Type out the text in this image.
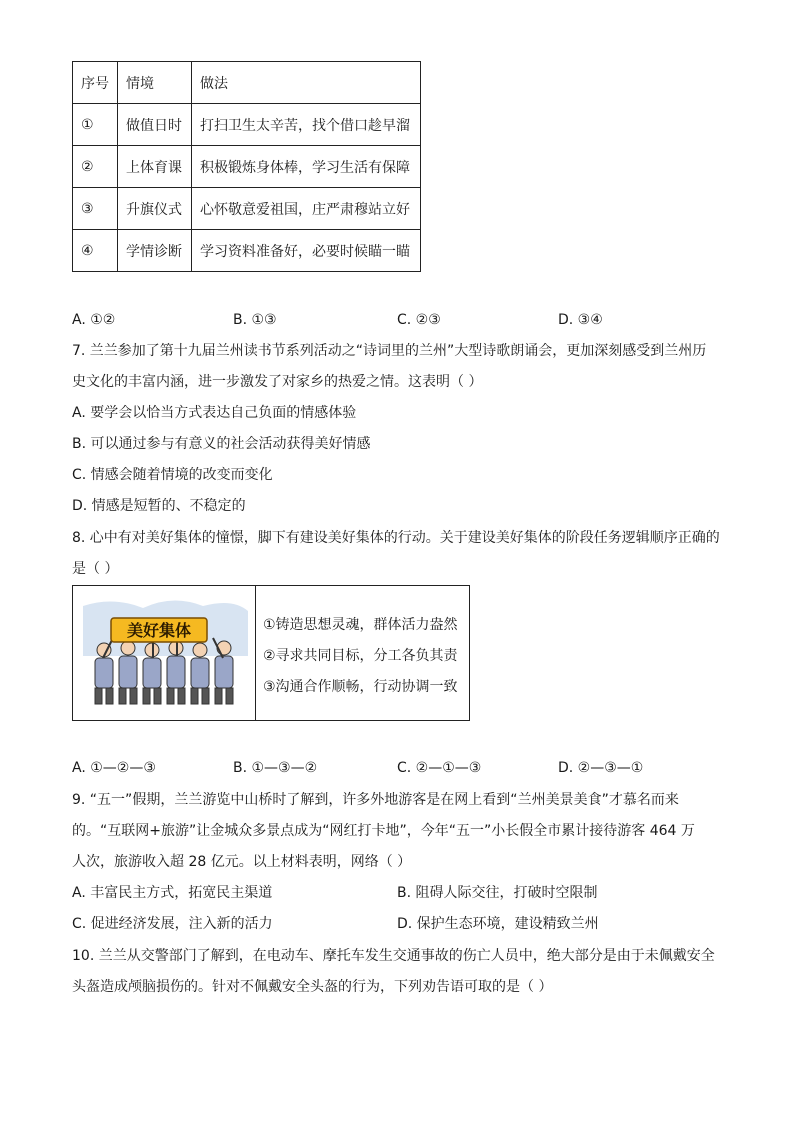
序号	情境	做法
①	做值日时	打扫卫生太辛苦，找个借口趁早溜
②	上体育课	积极锻炼身体棒，学习生活有保障
③	升旗仪式	心怀敬意爱祖国，庄严肃穆站立好
④	学情诊断	学习资料准备好，必要时候瞄一瞄
A. ①②	B. ①③	C. ②③	D. ③④
7. 兰兰参加了第十九届兰州读书节系列活动之“诗词里的兰州”大型诗歌朗诵会，更加深刻感受到兰州历
史文化的丰富内涵，进一步激发了对家乡的热爱之情。这表明（ ）
A. 要学会以恰当方式表达自己负面的情感体验
B. 可以通过参与有意义的社会活动获得美好情感
C. 情感会随着情境的改变而变化
D. 情感是短暂的、不稳定的
8. 心中有对美好集体的憧憬，脚下有建设美好集体的行动。关于建设美好集体的阶段任务逻辑顺序正确的
是（ ）
美好集体	①铸造思想灵魂，群体活力盎然
②寻求共同目标，分工各负其责
③沟通合作顺畅，行动协调一致
A. ①—②—③	B. ①—③—②	C. ②—①—③	D. ②—③—①
9. “五一”假期，兰兰游览中山桥时了解到，许多外地游客是在网上看到“兰州美景美食”才慕名而来
的。“互联网+旅游”让金城众多景点成为“网红打卡地”，今年“五一”小长假全市累计接待游客 464 万
人次，旅游收入超 28 亿元。以上材料表明，网络（ ）
A. 丰富民主方式，拓宽民主渠道	B. 阻碍人际交往，打破时空限制
C. 促进经济发展，注入新的活力	D. 保护生态环境，建设精致兰州
10. 兰兰从交警部门了解到，在电动车、摩托车发生交通事故的伤亡人员中，绝大部分是由于未佩戴安全
头盔造成颅脑损伤的。针对不佩戴安全头盔的行为，下列劝告语可取的是（ ）
